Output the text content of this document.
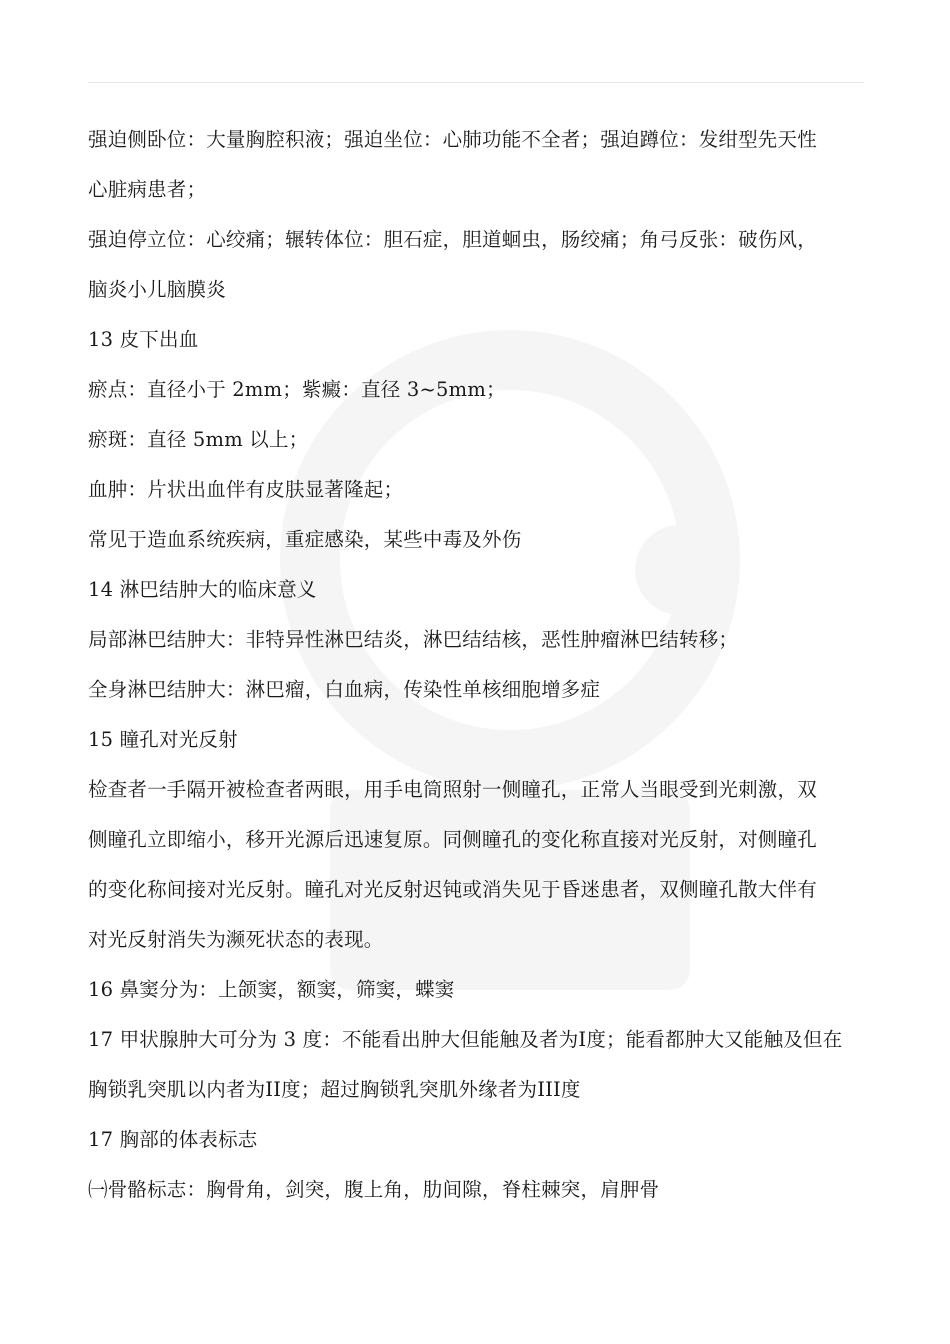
强迫侧卧位：大量胸腔积液；强迫坐位：心肺功能不全者；强迫蹲位：发绀型先天性
心脏病患者；
强迫停立位：心绞痛；辗转体位：胆石症，胆道蛔虫，肠绞痛；角弓反张：破伤风，
脑炎小儿脑膜炎
13 皮下出血
瘀点：直径小于 2mm；紫癜：直径 3~5mm；
瘀斑：直径 5mm 以上；
血肿：片状出血伴有皮肤显著隆起；
常见于造血系统疾病，重症感染，某些中毒及外伤
14 淋巴结肿大的临床意义
局部淋巴结肿大：非特异性淋巴结炎，淋巴结结核，恶性肿瘤淋巴结转移；
全身淋巴结肿大：淋巴瘤，白血病，传染性单核细胞增多症
15 瞳孔对光反射
检查者一手隔开被检查者两眼，用手电筒照射一侧瞳孔，正常人当眼受到光刺激，双
侧瞳孔立即缩小，移开光源后迅速复原。同侧瞳孔的变化称直接对光反射，对侧瞳孔
的变化称间接对光反射。瞳孔对光反射迟钝或消失见于昏迷患者，双侧瞳孔散大伴有
对光反射消失为濒死状态的表现。
16 鼻窦分为：上颌窦，额窦，筛窦，蝶窦
17 甲状腺肿大可分为 3 度：不能看出肿大但能触及者为I度；能看都肿大又能触及但在
胸锁乳突肌以内者为II度；超过胸锁乳突肌外缘者为III度
17 胸部的体表标志
㈠骨骼标志：胸骨角，剑突，腹上角，肋间隙，脊柱棘突，肩胛骨
